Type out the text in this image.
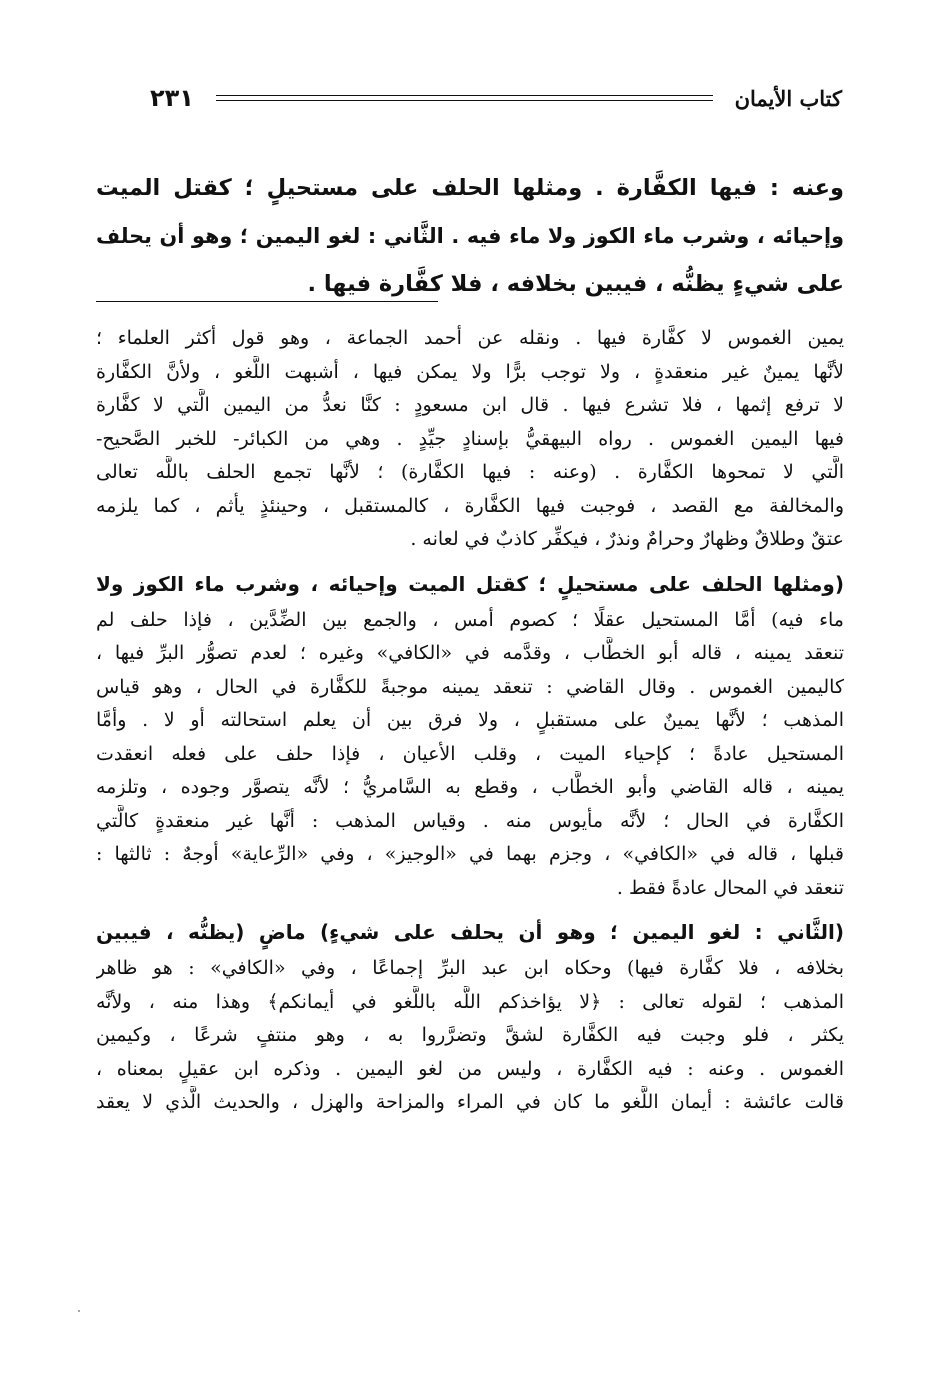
كتاب الأيمان
٢٣١
وعنه : فيها الكفَّارة . ومثلها الحلف على مستحيلٍ ؛ كقتل الميت
وإحيائه ، وشرب ماء الكوز ولا ماء فيه . الثَّاني : لغو اليمين ؛ وهو أن يحلف
على شيءٍ يظنُّه ، فيبين بخلافه ، فلا كفَّارة فيها .
يمين الغموس لا كفَّارة فيها . ونقله عن أحمد الجماعة ، وهو قول أكثر العلماء ؛
لأنَّها يمينٌ غير منعقدةٍ ، ولا توجب برًّا ولا يمكن فيها ، أشبهت اللَّغو ، ولأنَّ الكفَّارة
لا ترفع إثمها ، فلا تشرع فيها . قال ابن مسعودٍ : كنَّا نعدُّ من اليمين الَّتي لا كفَّارة
فيها اليمين الغموس . رواه البيهقيُّ بإسنادٍ جيِّدٍ . وهي من الكبائر- للخبر الصَّحيح-
الَّتي لا تمحوها الكفَّارة . (وعنه : فيها الكفَّارة) ؛ لأنَّها تجمع الحلف باللَّه تعالى
والمخالفة مع القصد ، فوجبت فيها الكفَّارة ، كالمستقبل ، وحينئذٍ يأثم ، كما يلزمه
عتقٌ وطلاقٌ وظهارٌ وحرامٌ ونذرٌ ، فيكفِّر كاذبٌ في لعانه .
(ومثلها الحلف على مستحيلٍ ؛ كقتل الميت وإحيائه ، وشرب ماء الكوز ولا
ماء فيه) أمَّا المستحيل عقلًا ؛ كصوم أمس ، والجمع بين الضِّدَّين ، فإذا حلف لم
تنعقد يمينه ، قاله أبو الخطَّاب ، وقدَّمه في «الكافي» وغيره ؛ لعدم تصوُّر البرِّ فيها ،
كاليمين الغموس . وقال القاضي : تنعقد يمينه موجبةً للكفَّارة في الحال ، وهو قياس
المذهب ؛ لأنَّها يمينٌ على مستقبلٍ ، ولا فرق بين أن يعلم استحالته أو لا . وأمَّا
المستحيل عادةً ؛ كإحياء الميت ، وقلب الأعيان ، فإذا حلف على فعله انعقدت
يمينه ، قاله القاضي وأبو الخطَّاب ، وقطع به السَّامريُّ ؛ لأنَّه يتصوَّر وجوده ، وتلزمه
الكفَّارة في الحال ؛ لأنَّه مأيوس منه . وقياس المذهب : أنَّها غير منعقدةٍ كالَّتي
قبلها ، قاله في «الكافي» ، وجزم بهما في «الوجيز» ، وفي «الرِّعاية» أوجهٌ : ثالثها :
تنعقد في المحال عادةً فقط .
(الثَّاني : لغو اليمين ؛ وهو أن يحلف على شيءٍ) ماضٍ (يظنُّه ، فيبين
بخلافه ، فلا كفَّارة فيها) وحكاه ابن عبد البرِّ إجماعًا ، وفي «الكافي» : هو ظاهر
المذهب ؛ لقوله تعالى : ﴿لا يؤاخذكم اللَّه باللَّغو في أيمانكم﴾ وهذا منه ، ولأنَّه
يكثر ، فلو وجبت فيه الكفَّارة لشقَّ وتضرَّروا به ، وهو منتفٍ شرعًا ، وكيمين
الغموس . وعنه : فيه الكفَّارة ، وليس من لغو اليمين . وذكره ابن عقيلٍ بمعناه ،
قالت عائشة : أيمان اللَّغو ما كان في المراء والمزاحة والهزل ، والحديث الَّذي لا يعقد
